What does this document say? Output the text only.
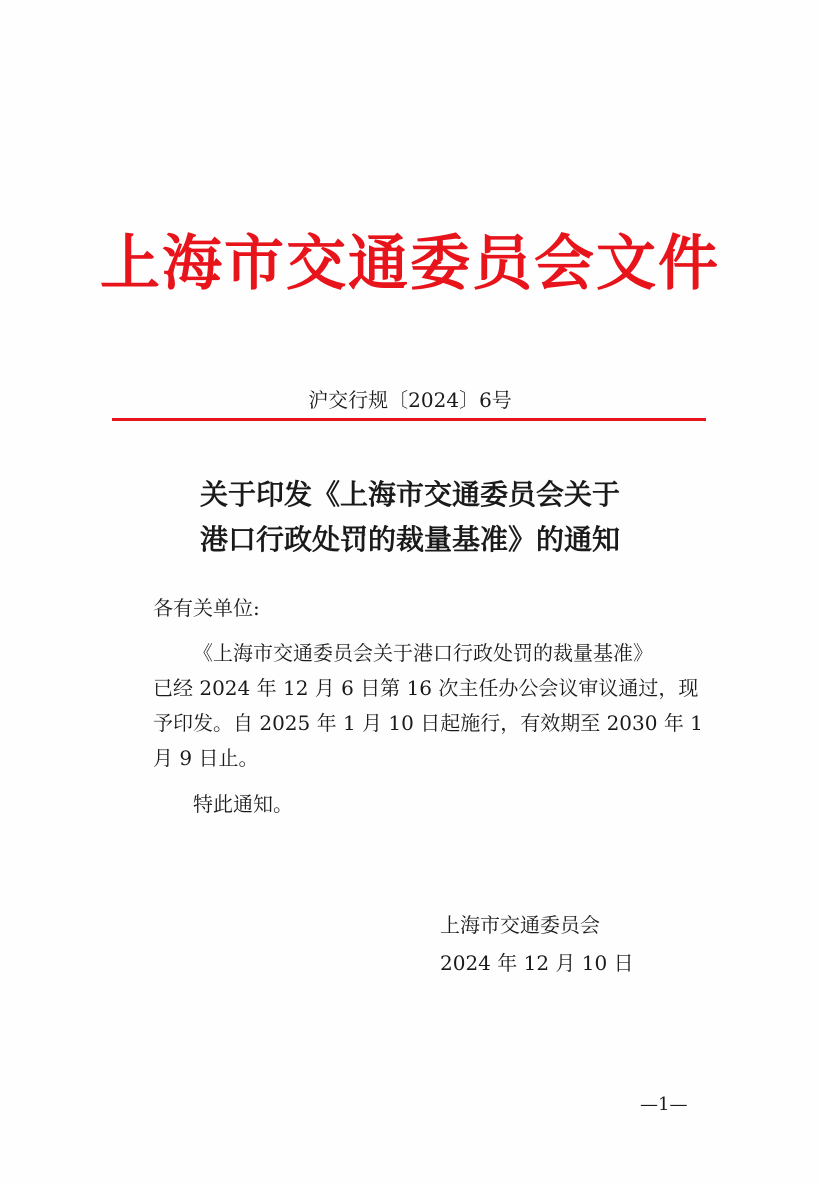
上海市交通委员会文件
沪交行规〔2024〕6号
关于印发《上海市交通委员会关于
港口行政处罚的裁量基准》的通知
各有关单位:
《上海市交通委员会关于港口行政处罚的裁量基准》
已经 2024 年 12 月 6 日第 16 次主任办公会议审议通过，现
予印发。自 2025 年 1 月 10 日起施行，有效期至 2030 年 1
月 9 日止。
特此通知。
上海市交通委员会
2024 年 12 月 10 日
—1—
